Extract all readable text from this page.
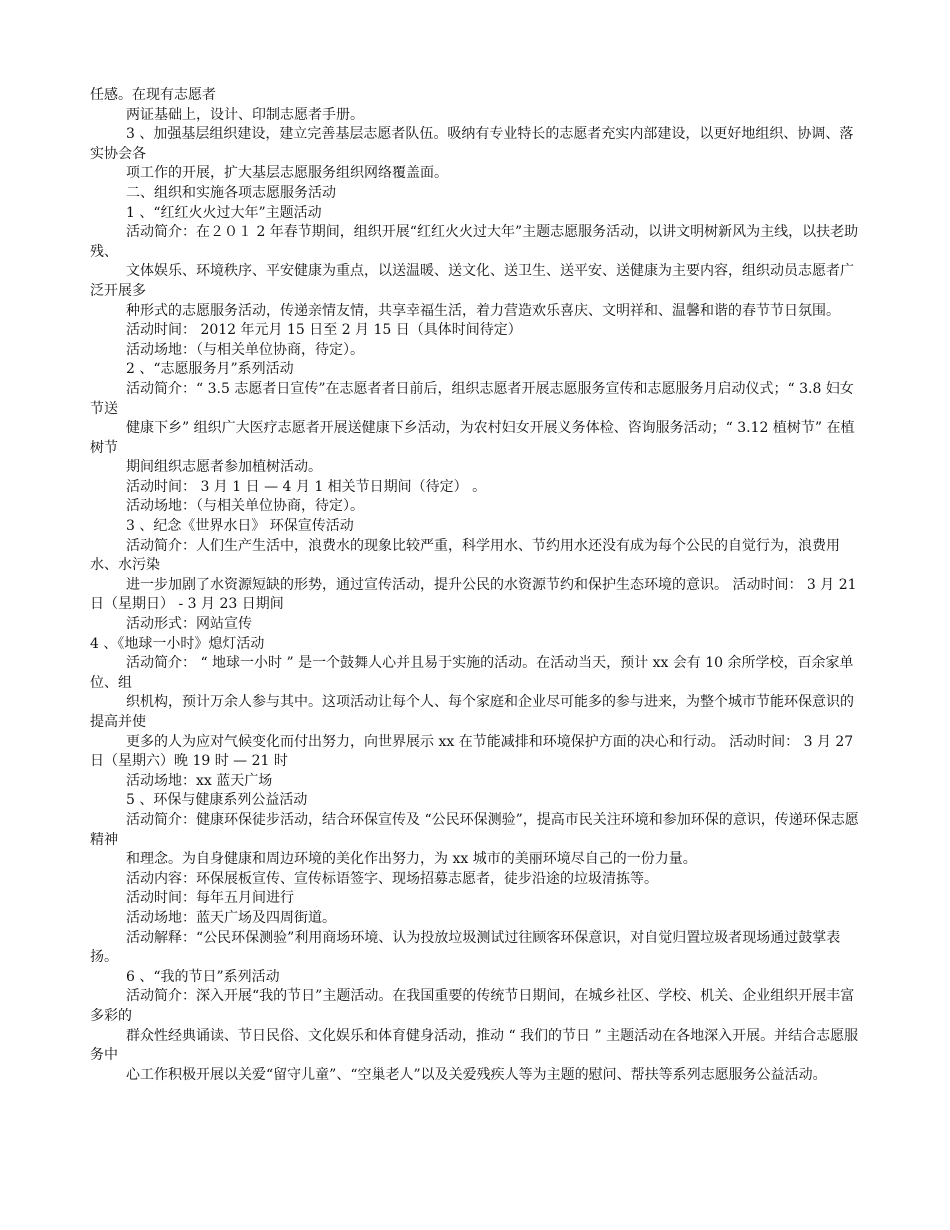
任感。在现有志愿者

两证基础上，设计、印制志愿者手册。

3 、加强基层组织建设，建立完善基层志愿者队伍。吸纳有专业特长的志愿者充实内部建设，以更好地组织、协调、落实协会各

项工作的开展，扩大基层志愿服务组织网络覆盖面。

二、组织和实施各项志愿服务活动

1 、“红红火火过大年”主题活动

活动简介：在２０１ 2 年春节期间，组织开展“红红火火过大年”主题志愿服务活动，以讲文明树新风为主线，以扶老助残、

文体娱乐、环境秩序、平安健康为重点，以送温暖、送文化、送卫生、送平安、送健康为主要内容，组织动员志愿者广泛开展多

种形式的志愿服务活动，传递亲情友情，共享幸福生活，着力营造欢乐喜庆、文明祥和、温馨和谐的春节节日氛围。

活动时间： 2012 年元月 15 日至 2 月 15 日（具体时间待定）

活动场地：（与相关单位协商，待定）。

2 、“志愿服务月”系列活动

活动简介：“ 3.5 志愿者日宣传”在志愿者者日前后，组织志愿者开展志愿服务宣传和志愿服务月启动仪式；“ 3.8 妇女节送

健康下乡” 组织广大医疗志愿者开展送健康下乡活动，为农村妇女开展义务体检、咨询服务活动；“ 3.12 植树节” 在植树节

期间组织志愿者参加植树活动。

活动时间： 3 月 1 日 — 4 月 1 相关节日期间（待定） 。

活动场地：（与相关单位协商，待定）。

3 、纪念《世界水日》 环保宣传活动

活动简介：人们生产生活中，浪费水的现象比较严重，科学用水、节约用水还没有成为每个公民的自觉行为，浪费用水、水污染

进一步加剧了水资源短缺的形势，通过宣传活动，提升公民的水资源节约和保护生态环境的意识。 活动时间： 3 月 21 日（星期日） - 3 月 23 日期间

活动形式：网站宣传

4 、《地球一小时》熄灯活动

活动简介： “ 地球一小时 ” 是一个鼓舞人心并且易于实施的活动。在活动当天，预计 xx 会有 10 余所学校，百余家单位、组

织机构，预计万余人参与其中。这项活动让每个人、每个家庭和企业尽可能多的参与进来，为整个城市节能环保意识的提高并使

更多的人为应对气候变化而付出努力，向世界展示 xx 在节能减排和环境保护方面的决心和行动。 活动时间： 3 月 27 日（星期六）晚 19 时 — 21 时

活动场地：xx 蓝天广场

5 、环保与健康系列公益活动

活动简介：健康环保徒步活动，结合环保宣传及 “公民环保测验”，提高市民关注环境和参加环保的意识，传递环保志愿精神

和理念。为自身健康和周边环境的美化作出努力，为 xx 城市的美丽环境尽自己的一份力量。

活动内容：环保展板宣传、宣传标语签字、现场招募志愿者，徒步沿途的垃圾清拣等。

活动时间：每年五月间进行

活动场地：蓝天广场及四周街道。

活动解释：“公民环保测验”利用商场环境、认为投放垃圾测试过往顾客环保意识，对自觉归置垃圾者现场通过鼓掌表扬。

6 、“我的节日”系列活动

活动简介：深入开展“我的节日”主题活动。在我国重要的传统节日期间，在城乡社区、学校、机关、企业组织开展丰富多彩的

群众性经典诵读、节日民俗、文化娱乐和体育健身活动，推动 “ 我们的节日 ” 主题活动在各地深入开展。并结合志愿服务中

心工作积极开展以关爱“留守儿童”、“空巢老人”以及关爱残疾人等为主题的慰问、帮扶等系列志愿服务公益活动。
